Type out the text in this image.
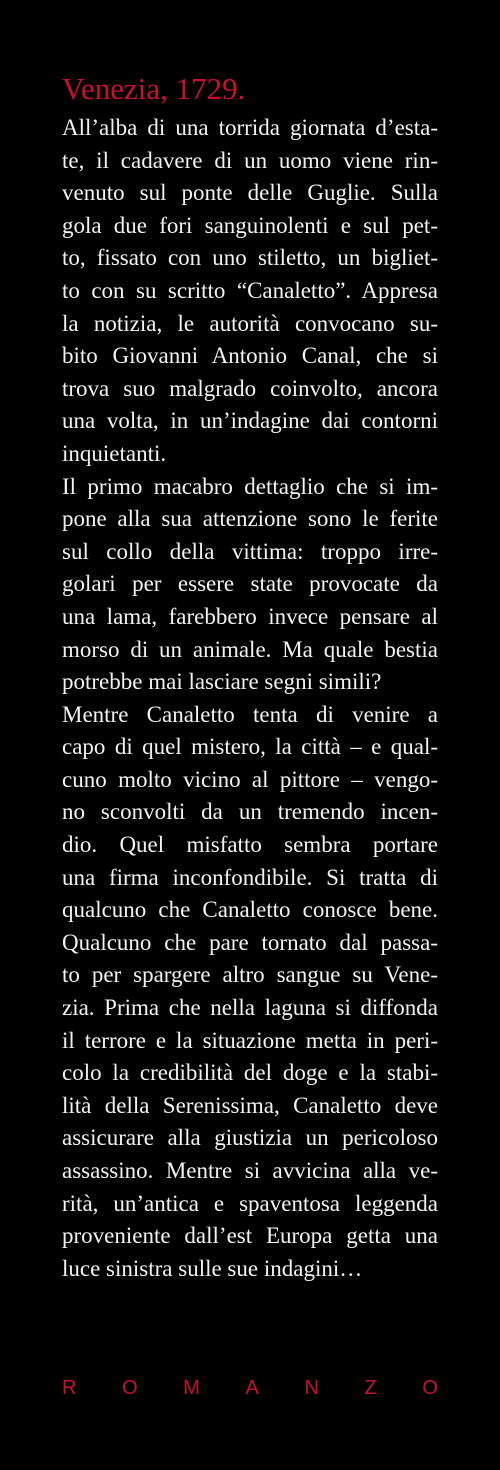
Venezia, 1729.
All’alba di una torrida giornata d’esta-
te, il cadavere di un uomo viene rin-
venuto sul ponte delle Guglie. Sulla
gola due fori sanguinolenti e sul pet-
to, fissato con uno stiletto, un bigliet-
to con su scritto “Canaletto”. Appresa
la notizia, le autorità convocano su-
bito Giovanni Antonio Canal, che si
trova suo malgrado coinvolto, ancora
una volta, in un’indagine dai contorni
inquietanti.
Il primo macabro dettaglio che si im-
pone alla sua attenzione sono le ferite
sul collo della vittima: troppo irre-
golari per essere state provocate da
una lama, farebbero invece pensare al
morso di un animale. Ma quale bestia
potrebbe mai lasciare segni simili?
Mentre Canaletto tenta di venire a
capo di quel mistero, la città – e qual-
cuno molto vicino al pittore – vengo-
no sconvolti da un tremendo incen-
dio. Quel misfatto sembra portare
una firma inconfondibile. Si tratta di
qualcuno che Canaletto conosce bene.
Qualcuno che pare tornato dal passa-
to per spargere altro sangue su Vene-
zia. Prima che nella laguna si diffonda
il terrore e la situazione metta in peri-
colo la credibilità del doge e la stabi-
lità della Serenissima, Canaletto deve
assicurare alla giustizia un pericoloso
assassino. Mentre si avvicina alla ve-
rità, un’antica e spaventosa leggenda
proveniente dall’est Europa getta una
luce sinistra sulle sue indagini…
R O M A N Z O
